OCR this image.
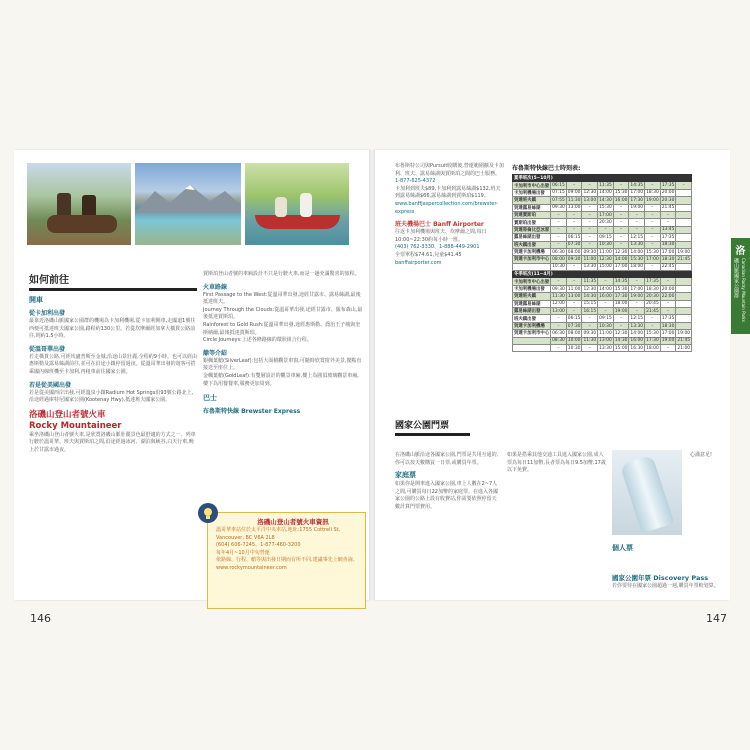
如何前往
開車
從卡加利出發

最靠近洛磯山脈國家公園群的機場為卡加利機場,從卡加利開車,走國道1號往西便可抵達班夫國家公園,路程約130公里。若從坎摩爾經加拿大橫貫公路前往,則約1.5小時。

從溫哥華出發

若走橫貫公路,可經坎盧普斯至金城,沿途山景壯麗,全程約9小時。也可以經由惠斯勒及露易絲湖前往,並可在沿途小鎮停留過夜。從溫哥華出發的遊客可搭乘國內線班機至卡加利,再租車前往國家公園。

若是從美國出發

若是從美國西岸出發,可經溫泉小鎮Radium Hot Springs沿93號公路北上,沿途經過庫特尼國家公園(Kootenay Hwy),抵達班夫國家公園。

洛磯山登山者號火車
Rocky Mountaineer

乘坐洛磯山登山者號火車,是欣賞洛磯山脈壯麗景色最舒適的方式之一。列車行駛於溫哥華、班夫與賈斯珀之間,沿途經過冰河、湖泊與峽谷,白天行車,晚上於甘露市過夜。

賈斯珀登山者號的車廂設計不只是行駛火車,而是一趟充滿驚喜的旅程。

火車路線

First Passage to the West:從溫哥華出發,途經甘露市、露易絲湖,最後抵達班夫。

Journey Through the Clouds:從溫哥華出發,途經甘露市、羅布森山,最後抵達賈斯珀。

Rainforest to Gold Rush:從溫哥華出發,途經惠斯勒、喬治王子城與奎斯納爾,最後抵達賈斯珀。

Circle Journeys:上述各條路線的環狀組合行程。

艙等介紹

銀楓葉艙(SilverLeaf):包括大面積觀景車窗,可隨時欣賞窗外美景,餐點直接送至座位上。

金楓葉艙(GoldLeaf):有雙層設計的觀景車廂,樓上為圓頂玻璃觀景車廂,樓下為用餐餐車,服務更加周到。

巴士
布魯斯特快線 Brewster Express
洛磯山登山者號火車資訊

溫哥華車站位於太平洋中央車站,地址:1755 Cottrell St, Vancouver, BC V6A 2L8

(604) 606-7245、1-877-460-3200

每年4月~10月中旬營運

依路線、行程、艙等與出發日期而有所不同,建議事先上網查詢。

www.rockymountaineer.com

146

布魯斯特公司與Pursuit收購後,營運範圍擴及卡加利、班夫、露易絲湖與賈斯珀之間的巴士服務。

1-877-625-4372

卡加利到班夫$89,卡加利到露易絲湖$132,班夫到露易絲湖$66,露易絲湖到賈斯珀$119。

www.banffjaspercollection.com/brewster-express

班夫機場巴士 Banff Airporter

往返卡加利機場與班夫、坎摩爾之間,每日10:00~22:30約每小時一班。

(403) 762-3330、1-888-449-2901

全票單程$74.61,兒童$41.45

banffairporter.com

布魯斯特快線巴士時刻表:
夏季班次(5~10月)									
卡加利市中心出發	06:15	–	–	11:35	–	14:35	–	17:35	–
卡加利機場出發	07:15	09:00	12:30	14:00	15:30	17:00	18:30	20:00	
到達班夫鎮	07:55	11:30	13:00	14:30	16:00	17:30	19:00	20:30	
到達露易絲湖	09:30	13:00	–	15:30	–	19:00	–	21:45	
到達賈斯珀	–	–	–	17:00	–	–	–	–	
賈斯珀出發	–	–	–	20:30	–	–	–	–	
到達哥倫比亞冰原	–	–	–	–	–	–	–	13:45	
露易絲湖出發	–	06:15	–	09:15	–	12:15	–	17:35	
班夫鎮出發	–	07:30	–	10:30	–	13:30	–	18:30	
到達卡加利機場	06:30	08:00	09:30	11:00	12:30	14:00	15:30	17:00	19:00
到達卡加利市中心	08:00	09:30	11:00	12:30	14:00	15:30	17:00	18:30	21:45
	10:30	–	13:30	15:00	17:00	18:00	–	22:45	
冬季班次(11~4月)									
卡加利市中心出發	–	–	11:35	–	14:35	–	17:35	–	
卡加利機場出發	09:30	11:00	12:30	14:00	15:30	17:00	18:30	20:00	
到達班夫鎮	11:30	13:00	14:30	16:00	17:30	19:00	20:30	22:00	
到達露易絲湖	12:00	–	15:15	–	18:00	–	20:45	–	
露易絲湖出發	13:00	–	16:15	–	19:00	–	21:45	–	
班夫鎮出發	–	06:15	–	09:15	–	12:15	–	17:35	
到達卡加利機場	–	07:30	–	10:30	–	13:30	–	18:30	
到達卡加利市中心	06:30	08:00	09:30	11:00	12:30	14:00	15:30	17:00	19:00
	08:30	10:00	11:30	13:00	14:30	16:00	17:30	19:00	21:45
	–	10:30	–	13:30	15:00	16:30	18:00	–	21:00
國家公園門票

在洛磯山脈沿途各國家公園,門票是共用互通的,你可以按天數購買一日票,或購買年票。

家庭票

如果你是開車進入國家公園,車上人數在2~7人之間,可購買每日22加幣的家庭票。在進入各國家公園的公路上設有收費站,你需要依照停留天數計算門票費用。

如果是搭乘其他交通工具進入國家公園,成人票為每日11加幣,長者票為每日9.5加幣,17歲以下免費。

心滿意足!

個人票
國家公園年票 Discovery Pass

若你要待在國家公園超過一週,購買年票較划算。

147
洛
磯山脈國家公園群 Canadian Rocky Mountain Parks
